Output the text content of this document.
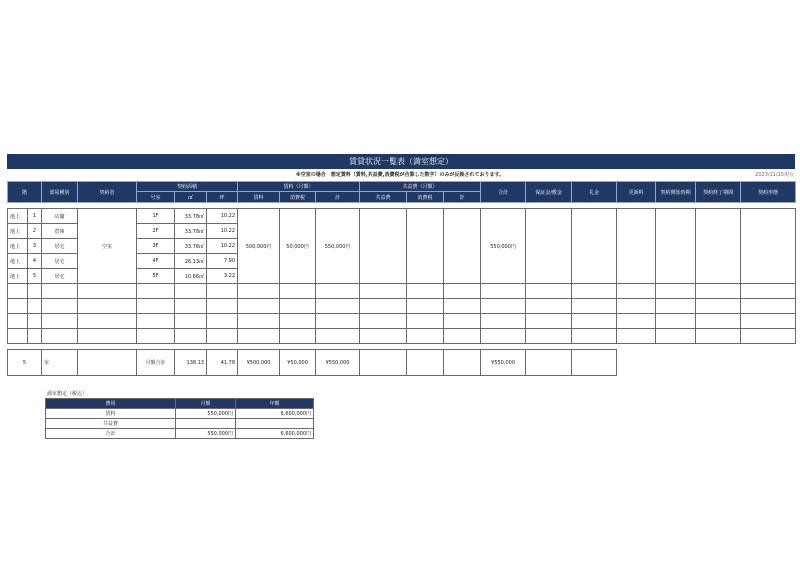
賃貸状況一覧表（満室想定）
※空室の場合　想定賃料（賃料,共益費,消費税が合算した数字）のみが反映されております。	2023/11/15現在
階		部屋種別	契約者	契約面積			賃料（月額）			共益費（月額）			合計	保証金/敷金	礼金	更新料	契約開始時期	契約終了期間	契約形態
				号室	㎡	坪	賃料	消費税	計	共益費	消費税	計							

地上	1	店舗	空室	1F	33.78㎡	10.22	500,000円	50,000円	550,000円				550,000円						
地上	2	倉庫		2F	33.78㎡	10.22													
地上	3	居宅		3F	33.78㎡	10.22													
地上	4	居宅		4F	26.13㎡	7.90													
地上	5	居宅		5F	10.66㎡	3.22													

5		室		月額合計	138.13	41.78	¥500,000	¥50,000	¥550,000				¥550,000						
満室想定（税込）
費用	月額	年額
賃料	550,000円	6,600,000円
共益費		
合計	550,000円	6,600,000円
